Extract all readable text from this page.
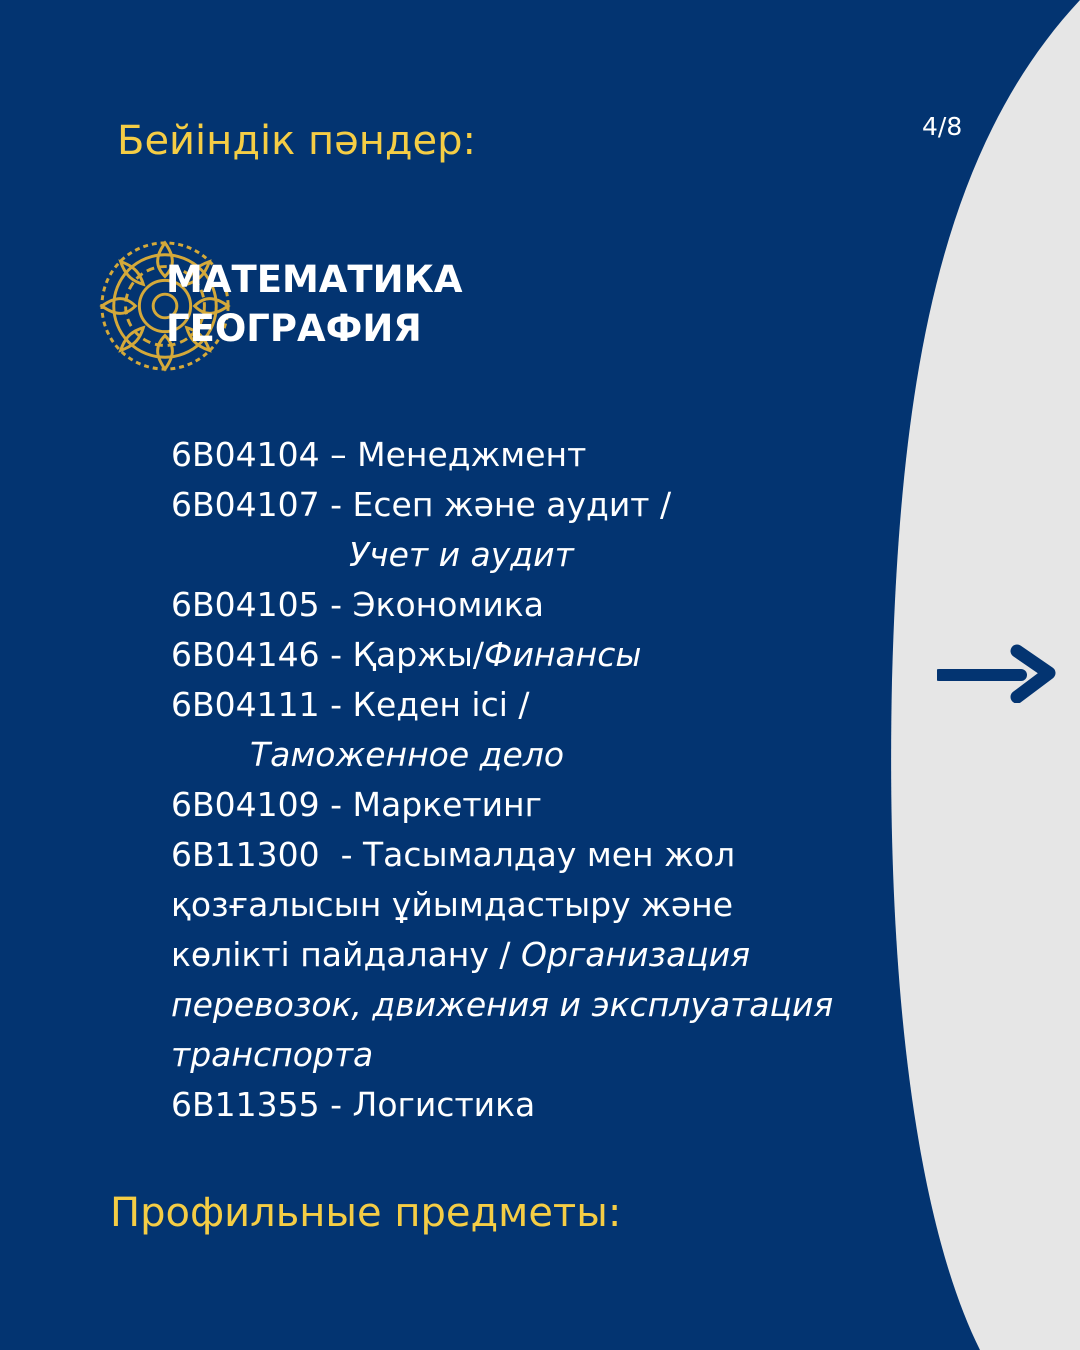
4/8
Бейіндік пәндер:
МАТЕМАТИКА
ГЕОГРАФИЯ
6B04104 – Менеджмент
6B04107 - Есеп және аудит /
Учет и аудит
6B04105 - Экономика
6B04146 - Қаржы/Финансы
6B04111 - Кеден ісі /
Таможенное дело
6B04109 - Маркетинг
6B11300  - Тасымалдау мен жол
қозғалысын ұйымдастыру және
көлікті пайдалану / Организация
перевозок, движения и эксплуатация
транспорта
6B11355 - Логистика
Профильные предметы:
